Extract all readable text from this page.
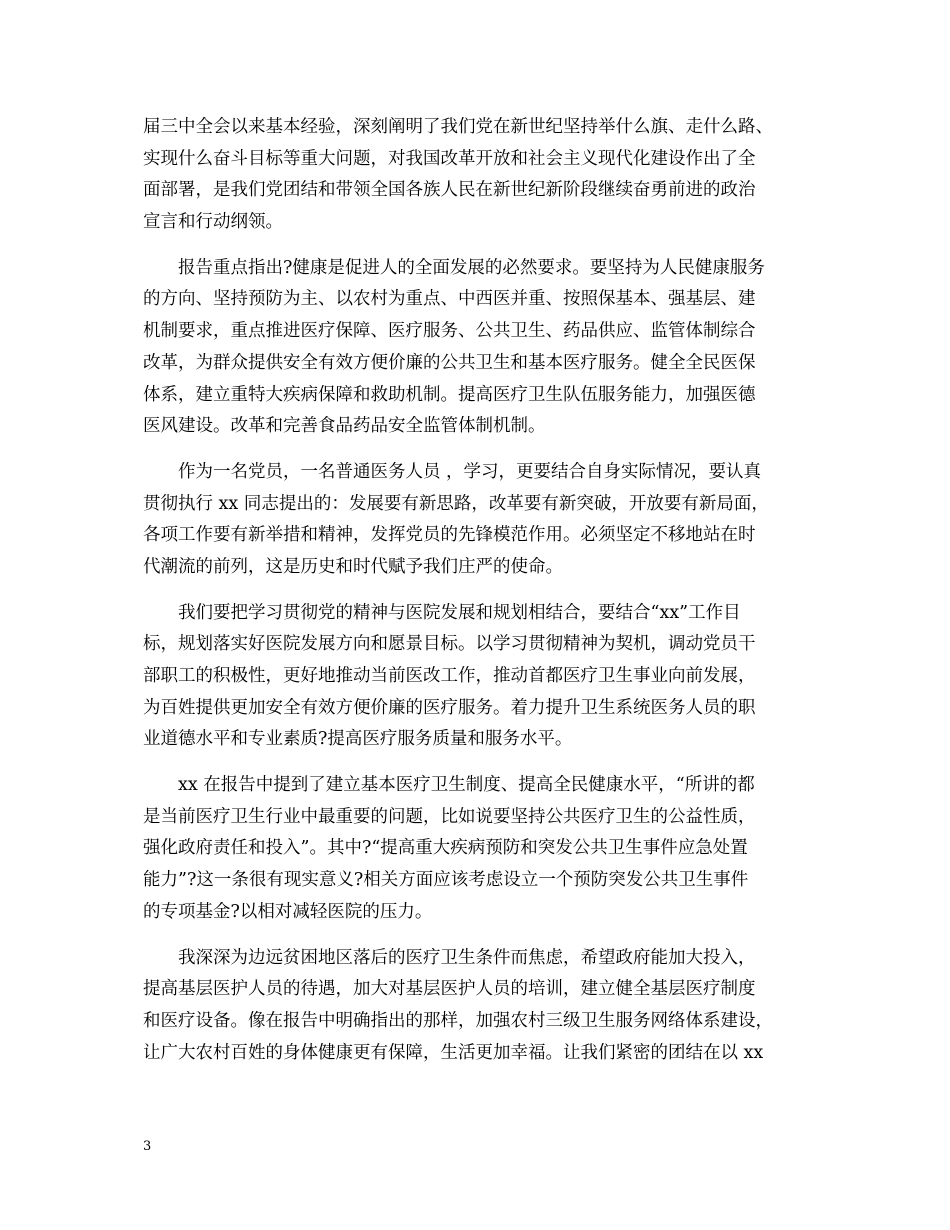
届三中全会以来基本经验，深刻阐明了我们党在新世纪坚持举什么旗、走什么路、
实现什么奋斗目标等重大问题，对我国改革开放和社会主义现代化建设作出了全
面部署，是我们党团结和带领全国各族人民在新世纪新阶段继续奋勇前进的政治
宣言和行动纲领。
报告重点指出?健康是促进人的全面发展的必然要求。要坚持为人民健康服务
的方向、坚持预防为主、以农村为重点、中西医并重、按照保基本、强基层、建
机制要求，重点推进医疗保障、医疗服务、公共卫生、药品供应、监管体制综合
改革，为群众提供安全有效方便价廉的公共卫生和基本医疗服务。健全全民医保
体系，建立重特大疾病保障和救助机制。提高医疗卫生队伍服务能力，加强医德
医风建设。改革和完善食品药品安全监管体制机制。
作为一名党员，一名普通医务人员 ，学习，更要结合自身实际情况，要认真
贯彻执行 xx 同志提出的：发展要有新思路，改革要有新突破，开放要有新局面，
各项工作要有新举措和精神，发挥党员的先锋模范作用。必须坚定不移地站在时
代潮流的前列，这是历史和时代赋予我们庄严的使命。
我们要把学习贯彻党的精神与医院发展和规划相结合，要结合“xx”工作目
标，规划落实好医院发展方向和愿景目标。以学习贯彻精神为契机，调动党员干
部职工的积极性，更好地推动当前医改工作，推动首都医疗卫生事业向前发展，
为百姓提供更加安全有效方便价廉的医疗服务。着力提升卫生系统医务人员的职
业道德水平和专业素质?提高医疗服务质量和服务水平。
xx 在报告中提到了建立基本医疗卫生制度、提高全民健康水平，“所讲的都
是当前医疗卫生行业中最重要的问题，比如说要坚持公共医疗卫生的公益性质，
强化政府责任和投入”。其中?“提高重大疾病预防和突发公共卫生事件应急处置
能力”?这一条很有现实意义?相关方面应该考虑设立一个预防突发公共卫生事件
的专项基金?以相对减轻医院的压力。
我深深为边远贫困地区落后的医疗卫生条件而焦虑，希望政府能加大投入，
提高基层医护人员的待遇，加大对基层医护人员的培训，建立健全基层医疗制度
和医疗设备。像在报告中明确指出的那样，加强农村三级卫生服务网络体系建设，
让广大农村百姓的身体健康更有保障，生活更加幸福。让我们紧密的团结在以 xx
3
